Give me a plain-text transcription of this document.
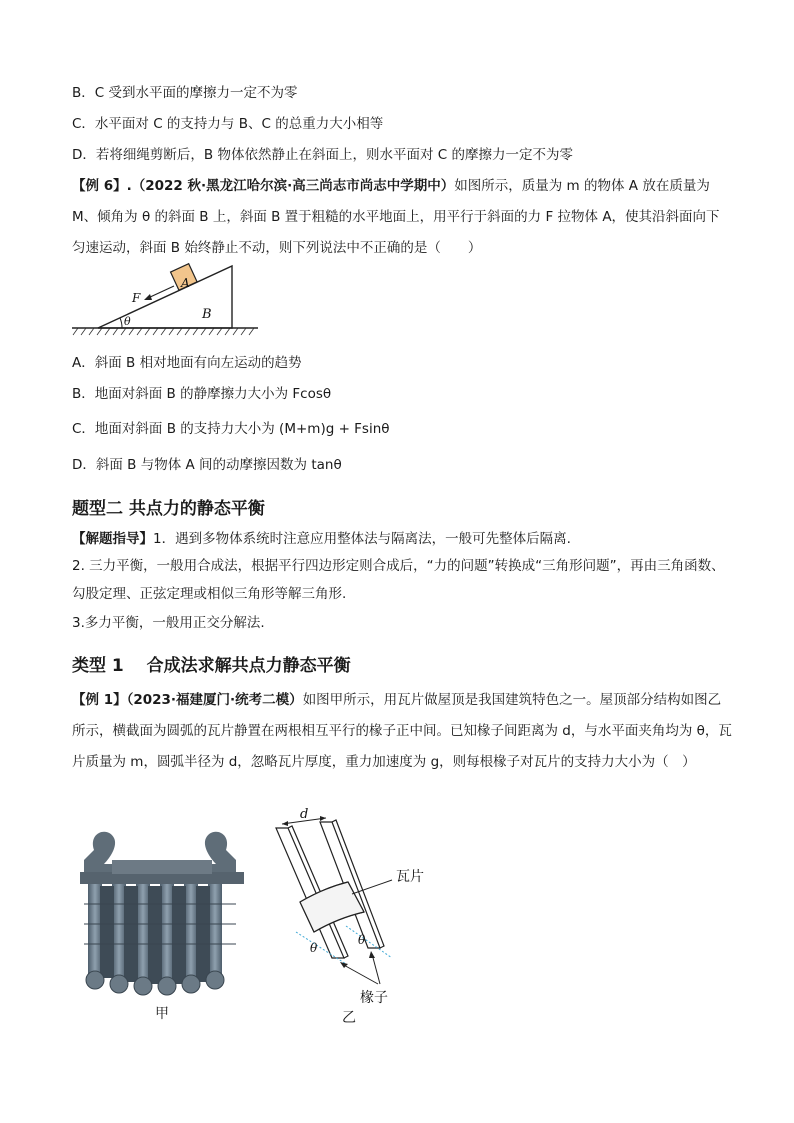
B．C 受到水平面的摩擦力一定不为零
C．水平面对 C 的支持力与 B、C 的总重力大小相等
D．若将细绳剪断后，B 物体依然静止在斜面上，则水平面对 C 的摩擦力一定不为零
【例 6】.（2022 秋·黑龙江哈尔滨·高三尚志市尚志中学期中）如图所示，质量为 m 的物体 A 放在质量为 M、倾角为 θ 的斜面 B 上，斜面 B 置于粗糙的水平地面上，用平行于斜面的力 F 拉物体 A，使其沿斜面向下匀速运动，斜面 B 始终静止不动，则下列说法中不正确的是（　　）
A
F
B
θ
A．斜面 B 相对地面有向左运动的趋势
B．地面对斜面 B 的静摩擦力大小为 Fcosθ
C．地面对斜面 B 的支持力大小为 (M+m)g + Fsinθ
D．斜面 B 与物体 A 间的动摩擦因数为 tanθ
题型二 共点力的静态平衡
【解题指导】1．遇到多物体系统时注意应用整体法与隔离法，一般可先整体后隔离.
2. 三力平衡，一般用合成法，根据平行四边形定则合成后，“力的问题”转换成“三角形问题”，再由三角函数、勾股定理、正弦定理或相似三角形等解三角形.
3.多力平衡，一般用正交分解法.
类型 1　 合成法求解共点力静态平衡
【例 1】（2023·福建厦门·统考二模）如图甲所示，用瓦片做屋顶是我国建筑特色之一。屋顶部分结构如图乙所示，横截面为圆弧的瓦片静置在两根相互平行的椽子正中间。已知椽子间距离为 d，与水平面夹角均为 θ，瓦片质量为 m，圆弧半径为 d，忽略瓦片厚度，重力加速度为 g，则每根椽子对瓦片的支持力大小为（　）
甲
d
瓦片
θ
θ
椽子
乙
